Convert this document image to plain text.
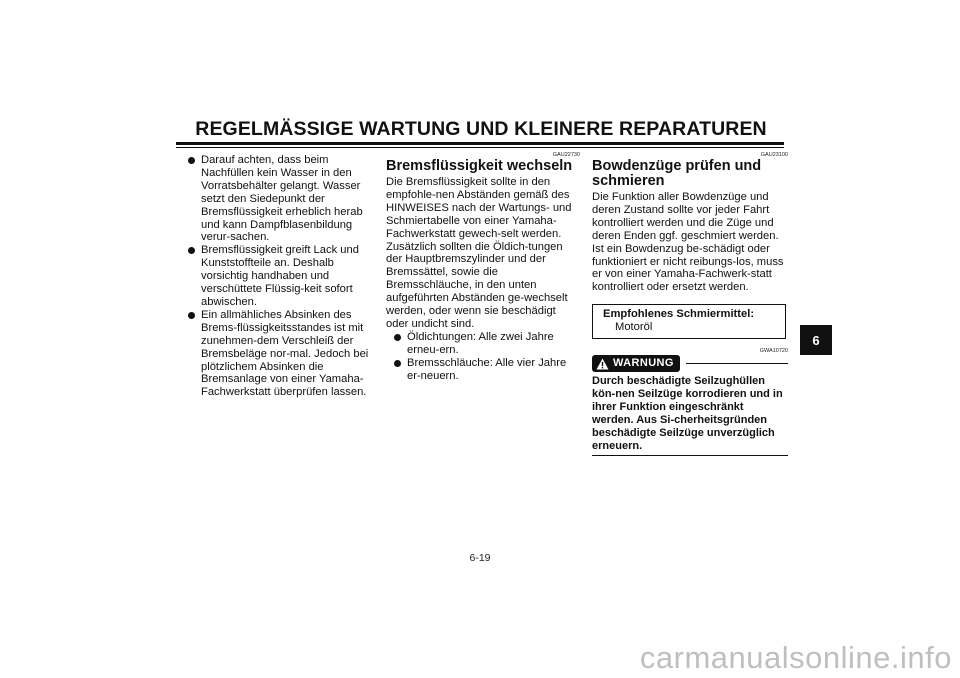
REGELMÄSSIGE WARTUNG UND KLEINERE REPARATUREN
Darauf achten, dass beim Nachfüllen kein Wasser in den Vorratsbehälter gelangt. Wasser setzt den Siedepunkt der Bremsflüssigkeit erheblich herab und kann Dampfblasenbildung verur-sachen.
Bremsflüssigkeit greift Lack und Kunststoffteile an. Deshalb vorsichtig handhaben und verschüttete Flüssig-keit sofort abwischen.
Ein allmähliches Absinken des Brems-flüssigkeitsstandes ist mit zunehmen-dem Verschleiß der Bremsbeläge nor-mal. Jedoch bei plötzlichem Absinken die Bremsanlage von einer Yamaha-Fachwerkstatt überprüfen lassen.
GAU22730
Bremsflüssigkeit wechseln

Die Bremsflüssigkeit sollte in den empfohle-nen Abständen gemäß des HINWEISES nach der Wartungs- und Schmiertabelle von einer Yamaha-Fachwerkstatt gewech-selt werden. Zusätzlich sollten die Öldich-tungen der Hauptbremszylinder und der Bremssättel, sowie die Bremsschläuche, in den unten aufgeführten Abständen ge-wechselt werden, oder wenn sie beschädigt oder undicht sind.

Öldichtungen: Alle zwei Jahre erneu-ern.
Bremsschläuche: Alle vier Jahre er-neuern.
GAU23100
Bowdenzüge prüfen und schmieren

Die Funktion aller Bowdenzüge und deren Zustand sollte vor jeder Fahrt kontrolliert werden und die Züge und deren Enden ggf. geschmiert werden. Ist ein Bowdenzug be-schädigt oder funktioniert er nicht reibungs-los, muss er von einer Yamaha-Fachwerk-statt kontrolliert oder ersetzt werden.

Empfohlenes Schmiermittel:
Motoröl
GWA10720
WARNUNG
Durch beschädigte Seilzughüllen kön-nen Seilzüge korrodieren und in ihrer Funktion eingeschränkt werden. Aus Si-cherheitsgründen beschädigte Seilzüge unverzüglich erneuern.
6
6-19
carmanualsonline.info
